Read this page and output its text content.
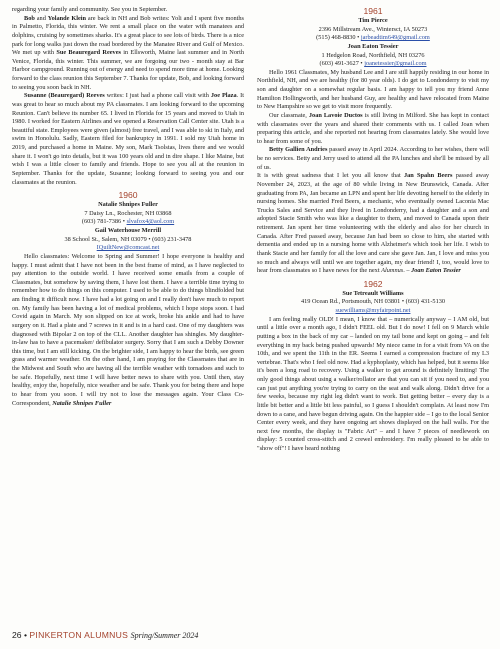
regarding your family and community. See you in September.

Bob and Yolande Klein are back in NH and Bob writes: Yoli and I spent five months in Palmetto, Florida, this winter. We rent a small place on the water with manatees and dolphins, cruising by sometimes sharks. It's a great place to see lots of birds. There is a nice park for long walks just down the road bordered by the Manatee River and Gulf of Mexico. We met up with Sue Beauregard Reeves in Ellsworth, Maine last summer and in North Venice, Florida, this winter. This summer, we are forgoing our two - month stay at Bar Harbor campground. Running out of energy and need to spend more time at home. Looking forward to the class reunion this September 7. Thanks for update, Bob, and looking forward to seeing you soon back in NH.

Susanne (Beauregard) Reeves writes: I just had a phone call visit with Joe Plaza. It was great to hear so much about my PA classmates. I am looking forward to the upcoming Reunion. Can't believe its number 65. I lived in Florida for 15 years and moved to Utah in 1980. I worked for Eastern Airlines and we opened a Reservation Call Center site. Utah is a beautiful state. Employees were given (almost) free travel, and I was able to ski in Italy, and swim in Honolulu. Sadly, Eastern filed for bankruptcy in 1991. I sold my Utah home in 2019, and purchased a home in Maine. My son, Mark Tsolstas, lives there and we would share it. I won't go into details, but it was 100 years old and in dire shape. I like Maine, but wish I was a little closer to family and friends. Hope to see you all at the reunion in September. Thanks for the update, Susanne; looking forward to seeing you and our classmates at the reunion.

1960
Natalie Shnipes Fuller
7 Daisy Ln., Rochester, NH 03868
(603) 781-7386 • slvafox4@aol.com
Gail Waterhouse Merrill
38 School St., Salem, NH 03079 • (603) 231-3478
IQuiltNew@comcast.net

Hello classmates: Welcome to Spring and Summer! I hope everyone is healthy and happy. I must admit that I have not been in the best frame of mind, as I have neglected to pay attention to the outside world. I have received some emails from a couple of Classmates, but somehow by saving them, I have lost them. I have a terrible time trying to remember how to do things on this computer. I used to be able to do things blindfolded but am finding it difficult now. I have had a lot going on and I really don't have much to report on. My family has been having a lot of medical problems, which I hope stops soon. I had Covid again in March. My son slipped on ice at work, broke his ankle and had to have surgery on it. Had a plate and 7 screws in it and is in a hard cast. One of my daughters was diagnosed with Bipolar 2 on top of the CLL. Another daughter has shingles. My daughter-in-law has to have a pacemaker/ defibulator surgery. Sorry that I am such a Debby Downer this time, but I am still kicking. On the brighter side, I am happy to hear the birds, see green grass and warmer weather. On the other hand, I am praying for the Classmates that are in the Midwest and South who are having all the terrible weather with tornadoes and such to be safe. Hopefully, next time I will have better news to share with you. Until then, stay healthy, enjoy the, hopefully, nice weather and be safe. Thank you for being there and hope to hear from you soon. I will try not to lose the messages again. Your Class Co-Correspondent, Natalie Shnipes Fuller

1961
Tim Pierce
2396 Millstream Ave., Wintersct, IA 50273
(515) 468-8830 • jarbeadtim649@gmail.com
Joan Eaton Tessier
1 Hedgelon Road, Northfield, NH 03276
(603) 491-3627 • joanetessier@gmail.com

Hello 1961 Classmates, My husband Lee and I are still happily residing in our home in Northfield, NH, and we are healthy (for 80 year olds). I do get to Londonderry to visit my son and daughter on a somewhat regular basis. I am happy to tell you my friend Anne Hamilton Hollingworth, and her husband Guy, are healthy and have relocated from Maine to New Hampshire so we get to visit more frequently.

Our classmate, Joan Lavoie Ductos is still living in Milford. She has kept in contact with classmates over the years and shared their comments with us. I called Joan when preparing this article, and she reported not hearing from classmates lately. She would love to hear from some of you.

Betty Gallien Andries passed away in April 2024. According to her wishes, there will be no services. Betty and Jerry used to attend all the PA lunches and she'll be missed by all of us.

It is with great sadness that I let you all know that Jan Spahn Beers passed away November 24, 2023, at the age of 80 while living in New Brunswick, Canada. After graduating from PA, Jan became an LPN and spent her life devoting herself to the elderly in nursing homes. She married Fred Beers, a mechanic, who eventually owned Laconia Mac Trucks Sales and Service and they lived in Londonderry, had a daughter and a son and adopted Stacie Smith who was like a daughter to them, and moved to Canada upon their retirement. Jan spent her time volunteering with the elderly and also for her church in Canada. After Fred passed away, because Jan had been so close to him, she started with dementia and ended up in a nursing home with Alzheimer's which took her life. I wish to thank Stacie and her family for all the love and care she gave Jan. Jan, I love and miss you so much and always will until we are together again, my dear friend! I, too, would love to hear from classmates so I have news for the next Alumnus. – Joan Eaton Tessier

1962
Sue Tetreault Williams
419 Ocean Rd., Portsmouth, NH 03801 • (603) 431-5130
suewilliams@myfairpoint.net

I am feeling really OLD! I mean, I know that – numerically anyway – I AM old, but until a little over a month ago, I didn't FEEL old. But I do now! I fell on 9 March while putting a box in the back of my car – landed on my tail bone and kept on going – and felt everything in my back being pushed upwards! My niece came in for a visit from VA on the 10th, and we spent the 11th in the ER. Seems I earned a compression fracture of my L3 vertebrae. That's who I feel old now. Had a kyphoplasty, which has helped, but it seems like it's been a long road to recovery. Using a walker to get around is definitely limiting! The only good things about using a walker/rollator are that you can sit if you need to, and you can just put anything you're trying to carry on the seat and walk along. Didn't drive for a few weeks, because my right leg didn't want to work. But getting better – every day is a little bit better and a little bit less painful, so I guess I shouldn't complain. At least now I'm down to a cane, and have begun driving again. On the happier side – I go to the local Senior Center every week, and they have ongoing art shows displayed on the hall walls. For the next few months, the display is "Fabric Art" – and I have 7 pieces of needlework on display: 5 counted cross-stitch and 2 crewel embroidery. I'm really pleased to be able to "show off"! I have heard nothing

26 • PINKERTON ALUMNUS Spring/Summer 2024
